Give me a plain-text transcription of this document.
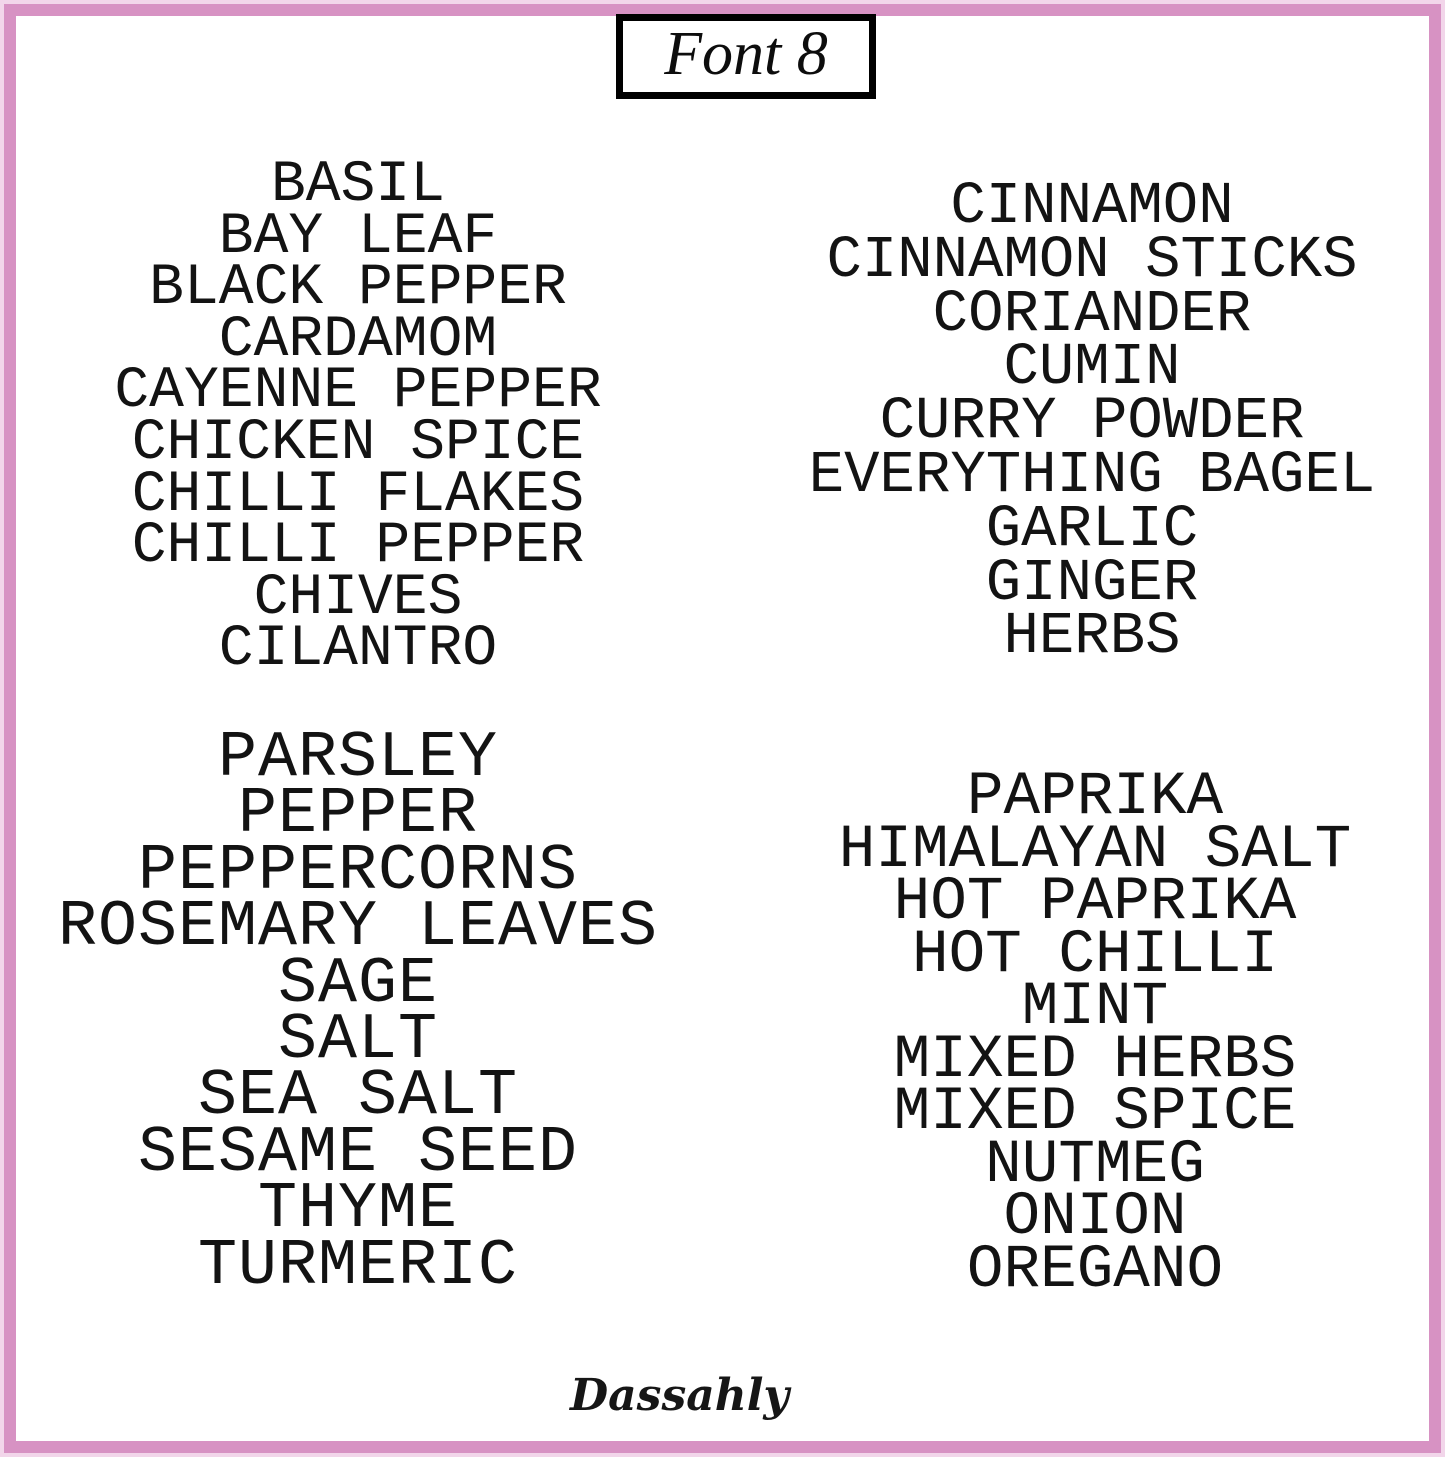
Font 8
BASIL
BAY LEAF
BLACK PEPPER
CARDAMOM
CAYENNE PEPPER
CHICKEN SPICE
CHILLI FLAKES
CHILLI PEPPER
CHIVES
CILANTRO
CINNAMON
CINNAMON STICKS
CORIANDER
CUMIN
CURRY POWDER
EVERYTHING BAGEL
GARLIC
GINGER
HERBS
PARSLEY
PEPPER
PEPPERCORNS
ROSEMARY LEAVES
SAGE
SALT
SEA SALT
SESAME SEED
THYME
TURMERIC
PAPRIKA
HIMALAYAN SALT
HOT PAPRIKA
HOT CHILLI
MINT
MIXED HERBS
MIXED SPICE
NUTMEG
ONION
OREGANO
Dassahly
